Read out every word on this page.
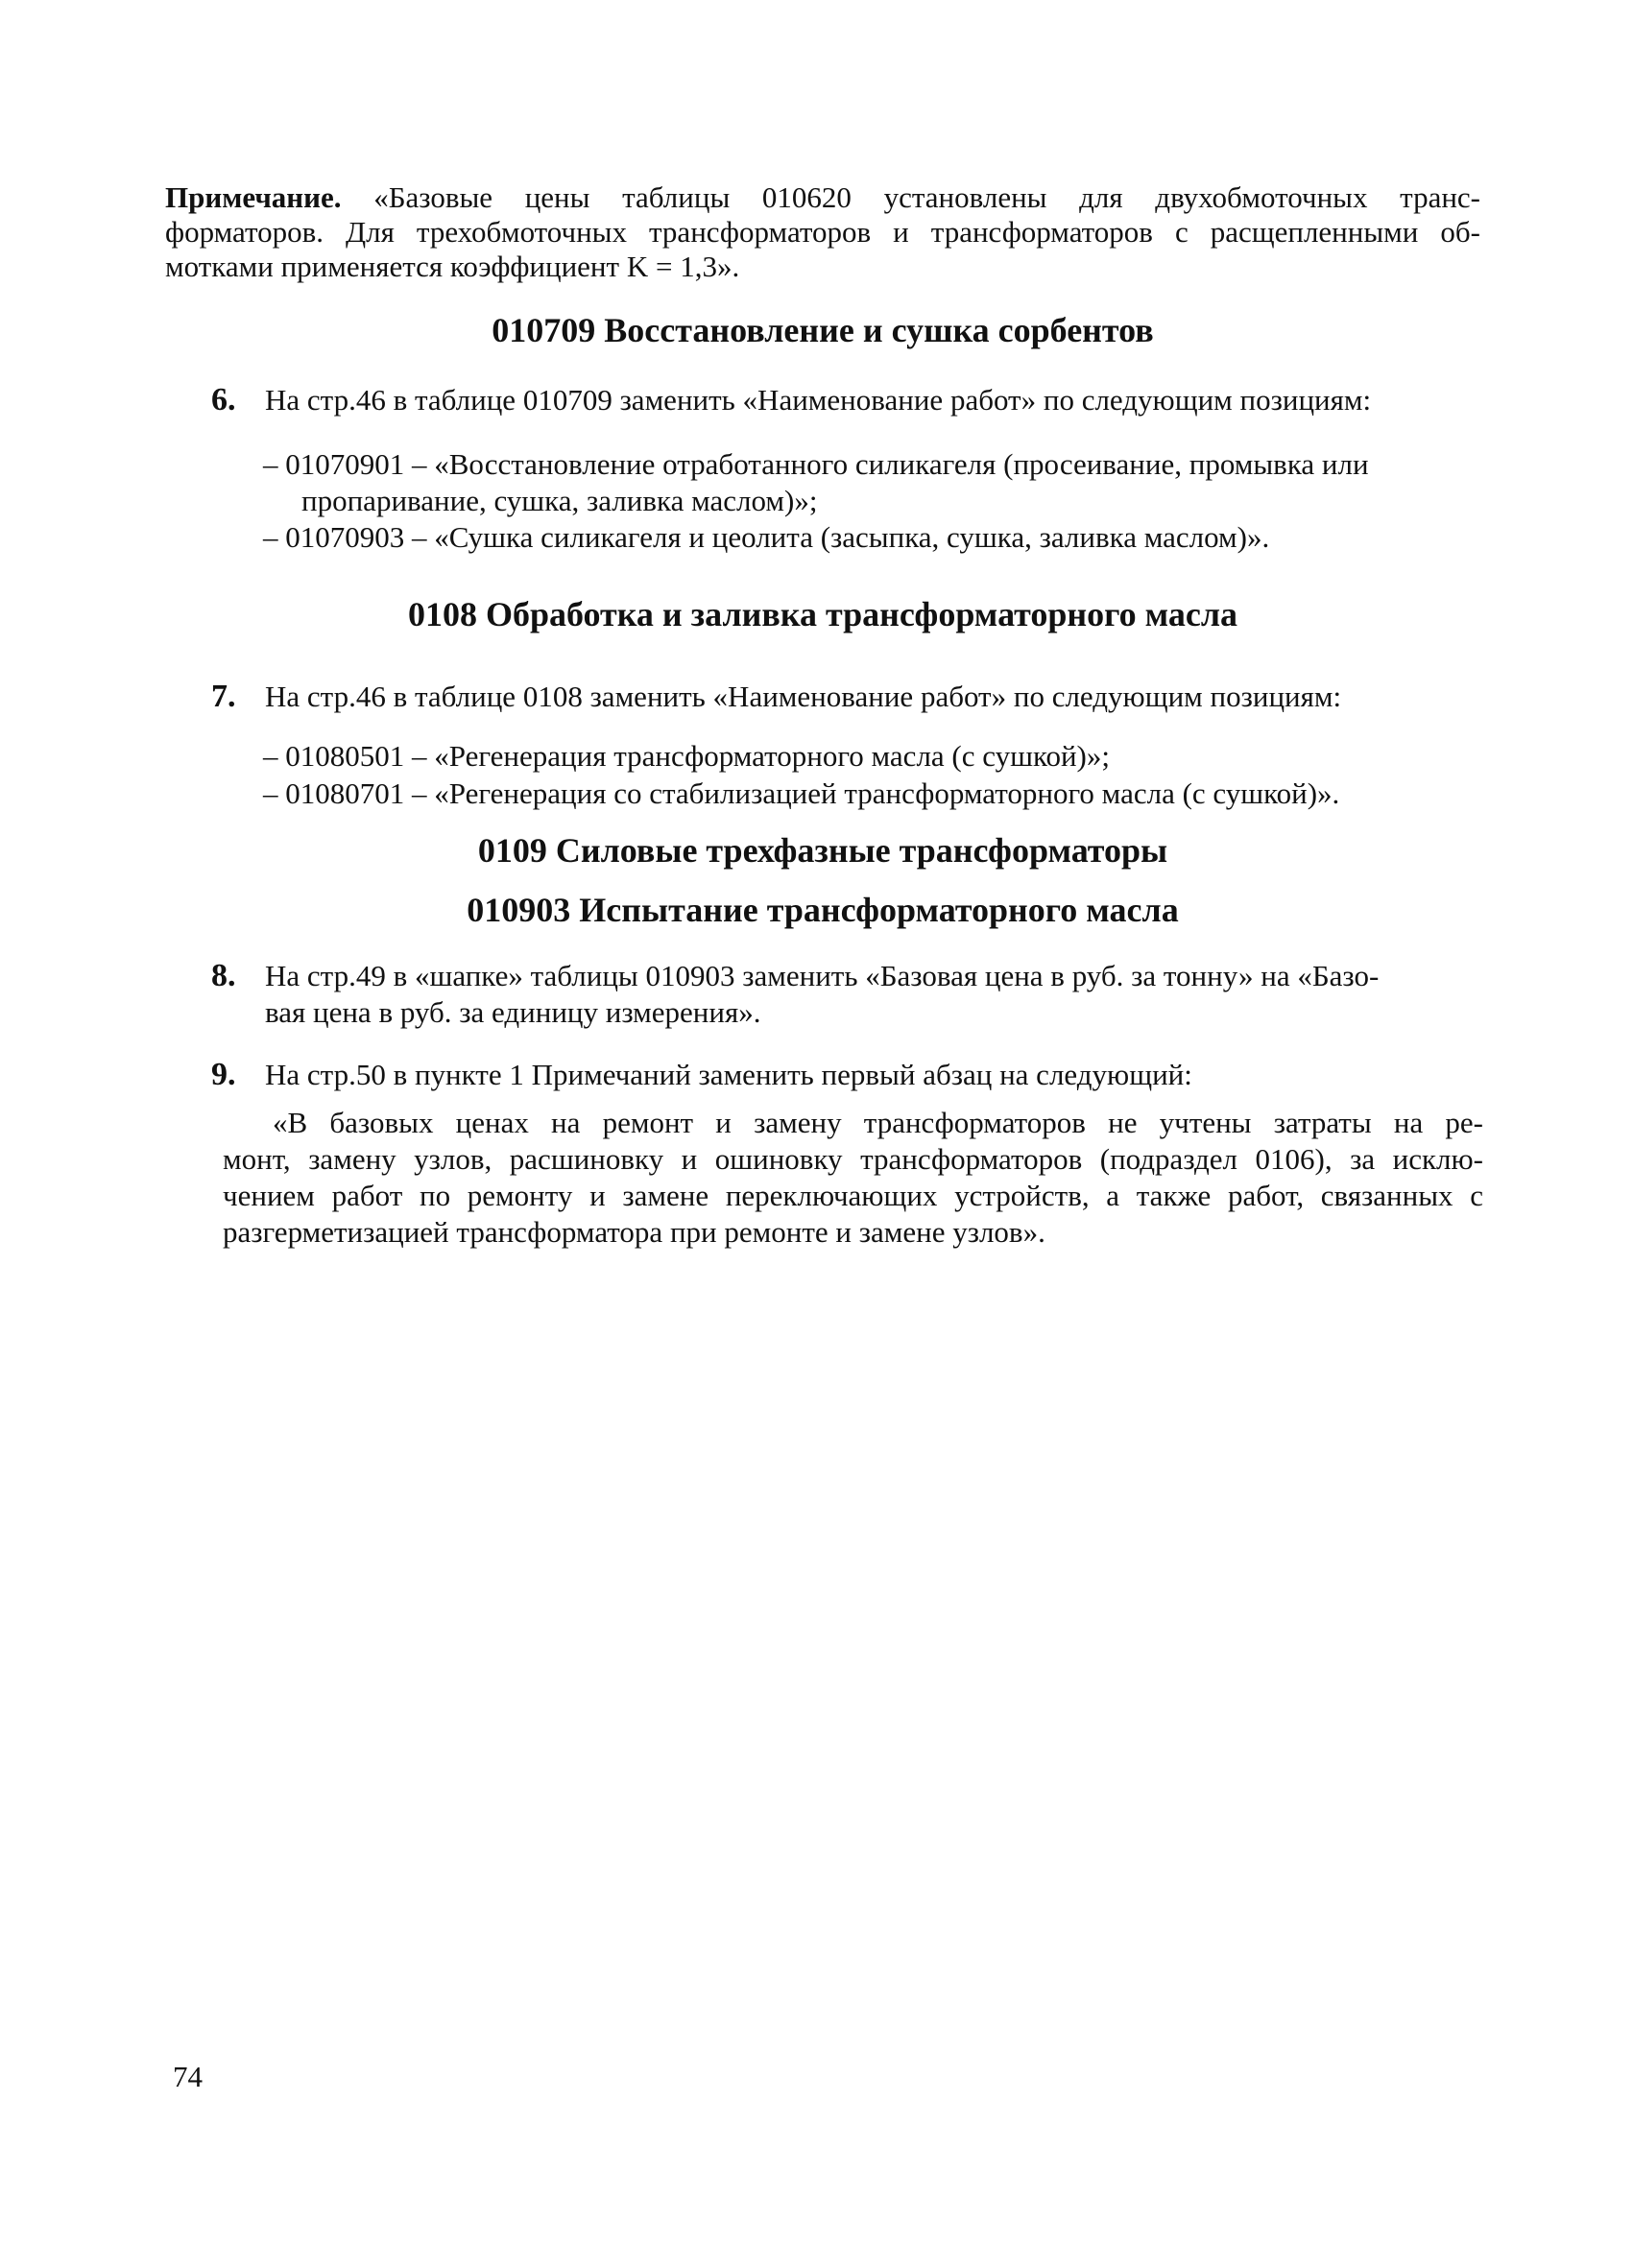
Примечание. «Базовые цены таблицы 010620 установлены для двухобмоточных транс-
форматоров. Для трехобмоточных трансформаторов и трансформаторов с расщепленными об-
мотками применяется коэффициент K = 1,3».
010709 Восстановление и сушка сорбентов
6. На стр.46 в таблице 010709 заменить «Наименование работ» по следующим позициям:
– 01070901 – «Восстановление отработанного силикагеля (просеивание, промывка или
пропаривание, сушка, заливка маслом)»;
– 01070903 – «Сушка силикагеля и цеолита (засыпка, сушка, заливка маслом)».
0108 Обработка и заливка трансформаторного масла
7. На стр.46 в таблице 0108 заменить «Наименование работ» по следующим позициям:
– 01080501 – «Регенерация трансформаторного масла (с сушкой)»;
– 01080701 – «Регенерация со стабилизацией трансформаторного масла (с сушкой)».
0109 Силовые трехфазные трансформаторы
010903 Испытание трансформаторного масла
8. На стр.49 в «шапке» таблицы 010903 заменить «Базовая цена в руб. за тонну» на «Базо-
вая цена в руб. за единицу измерения».
9. На стр.50 в пункте 1 Примечаний заменить первый абзац на следующий:
«В базовых ценах на ремонт и замену трансформаторов не учтены затраты на ре-
монт, замену узлов, расшиновку и ошиновку трансформаторов (подраздел 0106), за исклю-
чением работ по ремонту и замене переключающих устройств, а также работ, связанных с
разгерметизацией трансформатора при ремонте и замене узлов».
74
